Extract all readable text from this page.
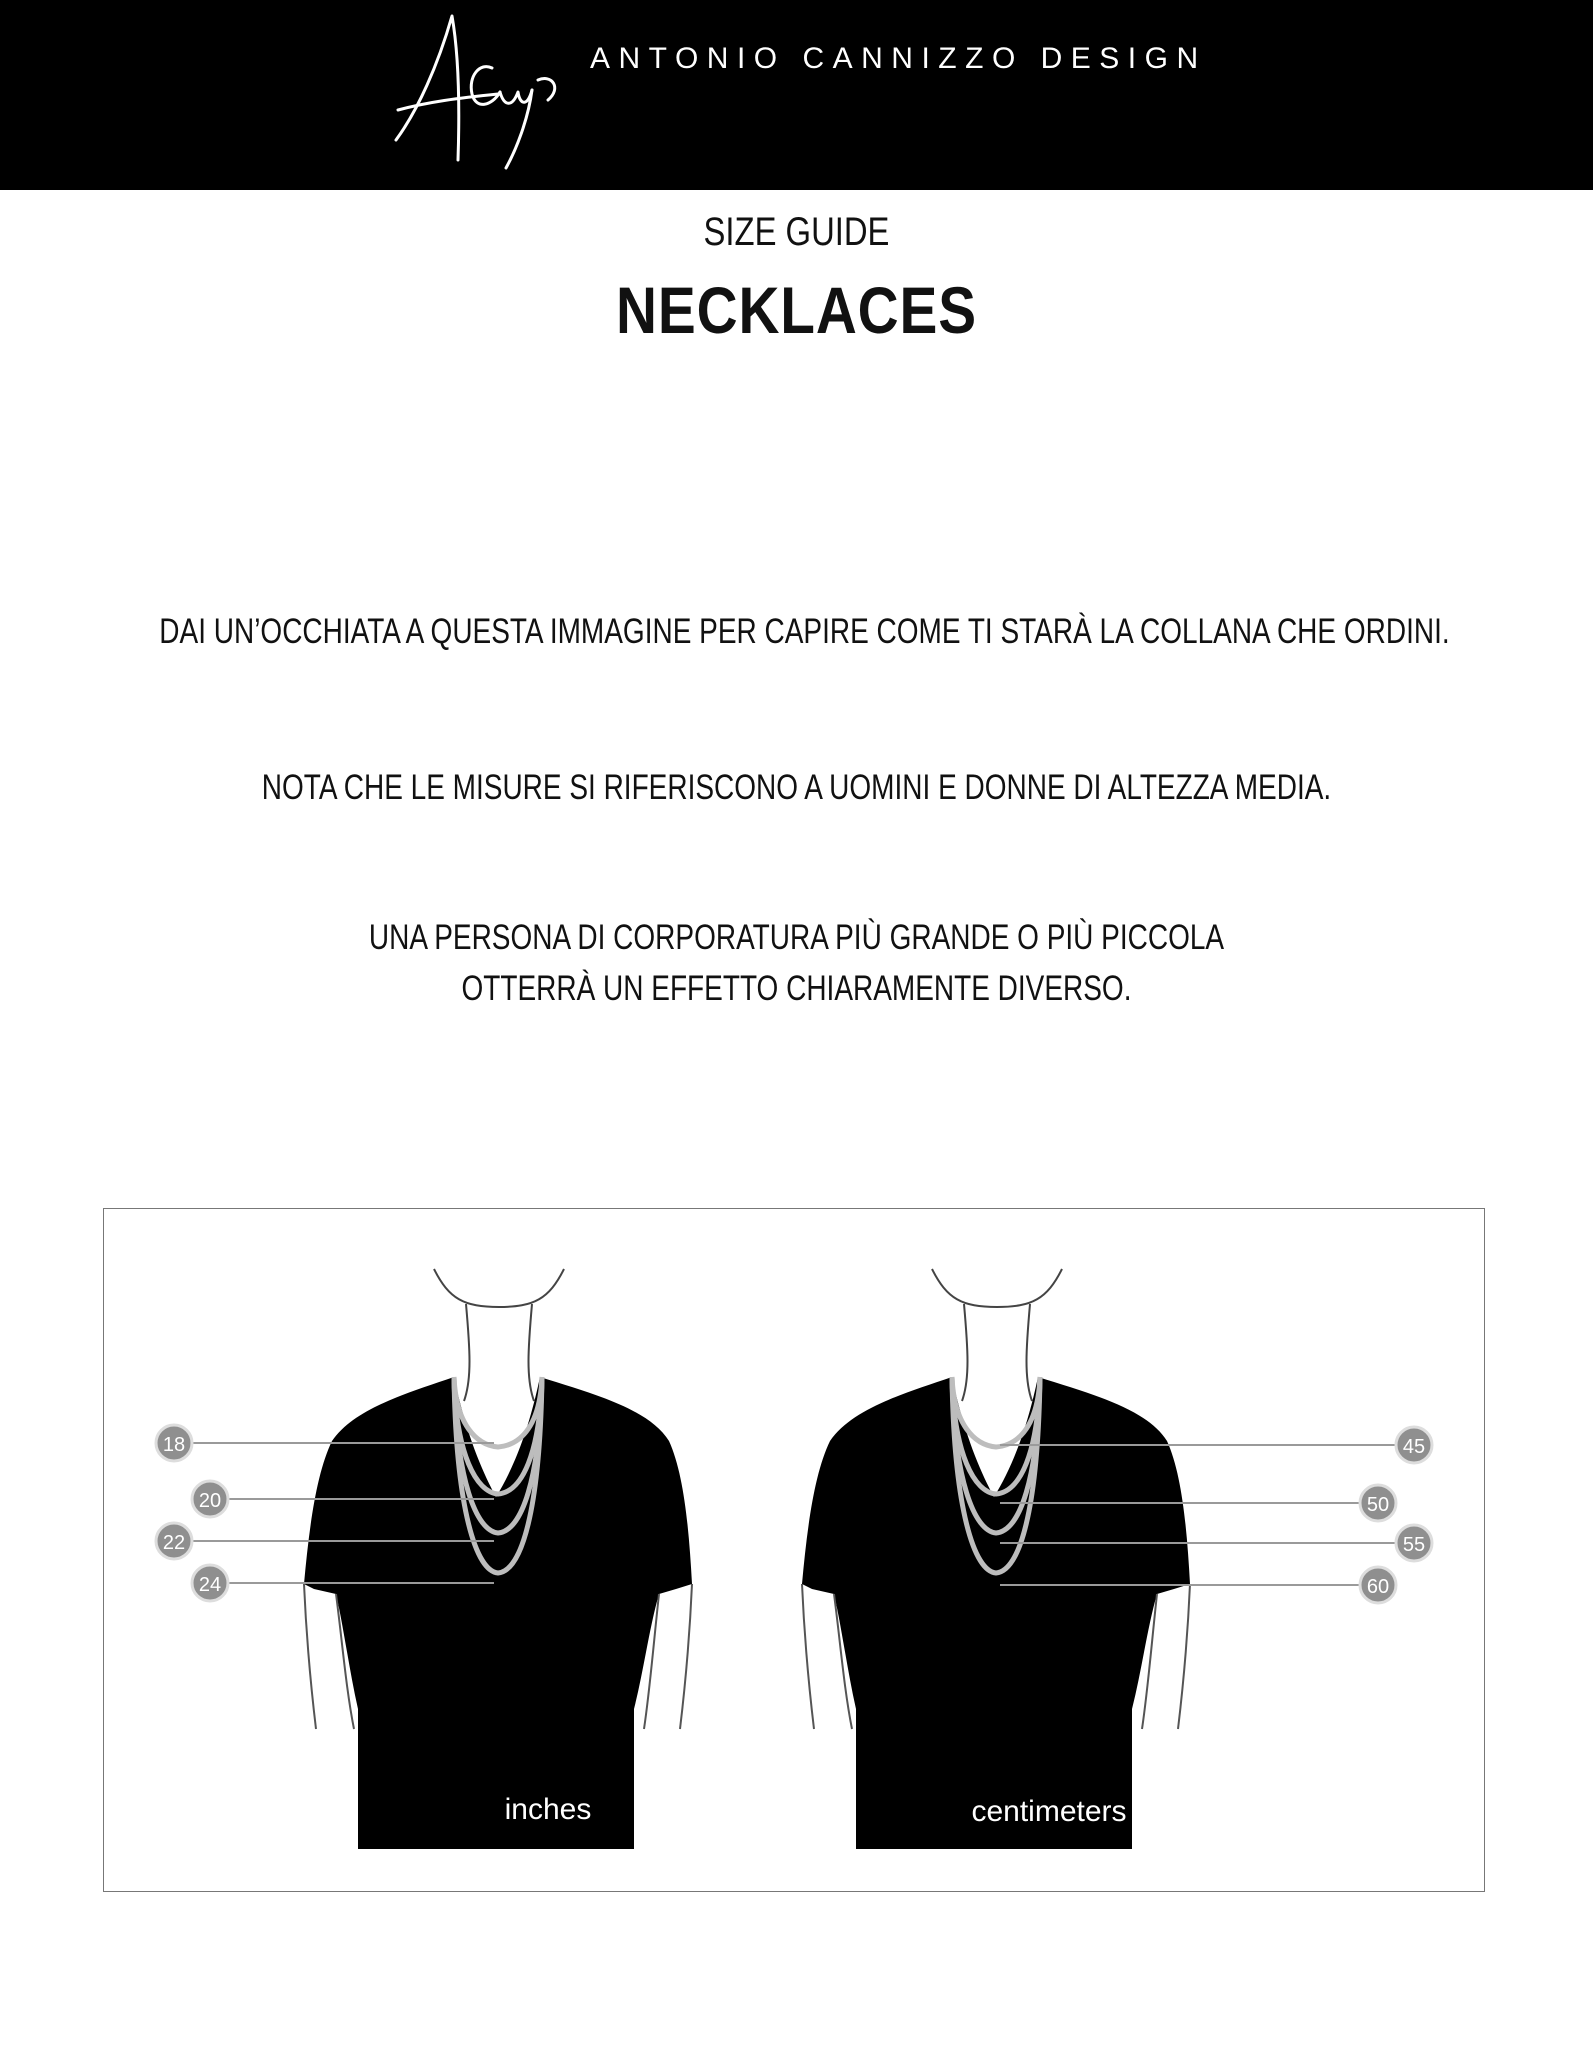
ANTONIO CANNIZZO DESIGN
SIZE GUIDE
NECKLACES
DAI UN’OCCHIATA A QUESTA IMMAGINE PER CAPIRE COME TI STARÀ LA COLLANA CHE ORDINI.
NOTA CHE LE MISURE SI RIFERISCONO A UOMINI E DONNE DI ALTEZZA MEDIA.
UNA PERSONA DI CORPORATURA PIÙ GRANDE O PIÙ PICCOLA
OTTERRÀ UN EFFETTO CHIARAMENTE DIVERSO.
18
20
22
24
inches
45
50
55
60
centimeters
